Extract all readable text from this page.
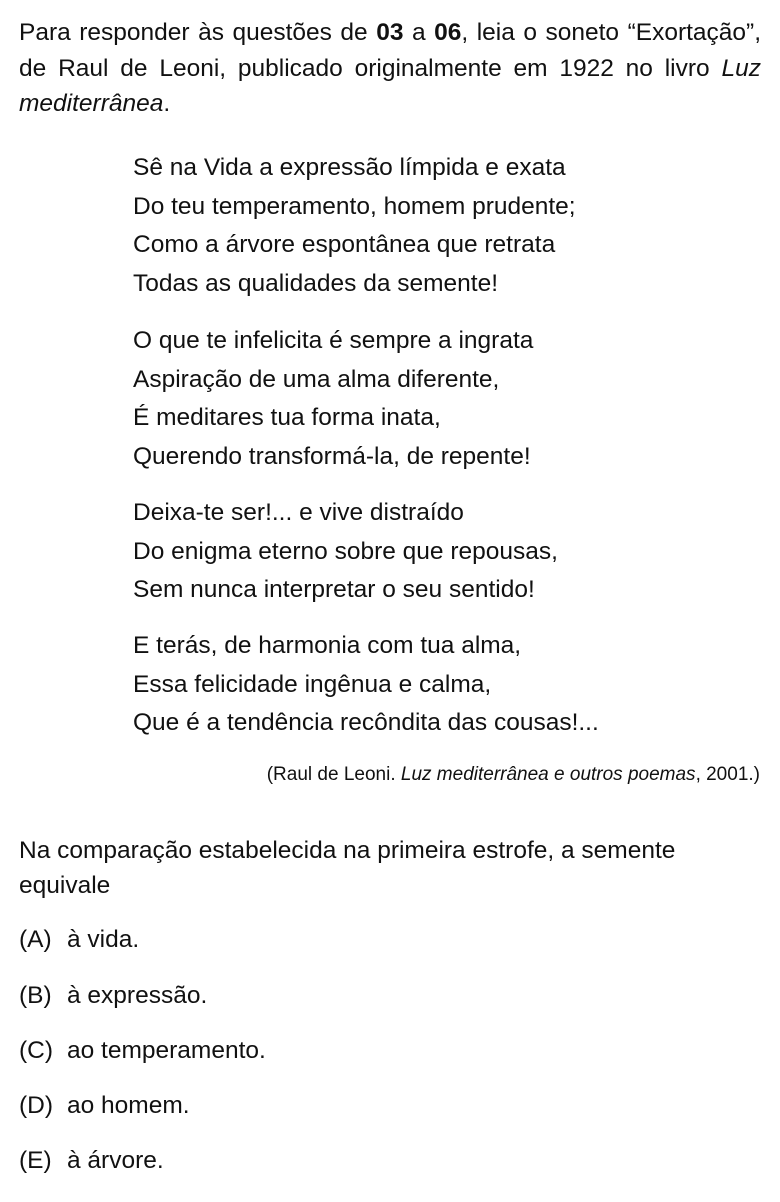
Para responder às questões de 03 a 06, leia o soneto “Exortação”, de Raul de Leoni, publicado originalmente em 1922 no livro Luz mediterrânea.

Sê na Vida a expressão límpida e exata
Do teu temperamento, homem prudente;
Como a árvore espontânea que retrata
Todas as qualidades da semente!
O que te infelicita é sempre a ingrata
Aspiração de uma alma diferente,
É meditares tua forma inata,
Querendo transformá-la, de repente!
Deixa-te ser!... e vive distraído
Do enigma eterno sobre que repousas,
Sem nunca interpretar o seu sentido!
E terás, de harmonia com tua alma,
Essa felicidade ingênua e calma,
Que é a tendência recôndita das cousas!...
(Raul de Leoni. Luz mediterrânea e outros poemas, 2001.)
Na comparação estabelecida na primeira estrofe, a semente equivale
(A) à vida.
(B) à expressão.
(C) ao temperamento.
(D) ao homem.
(E) à árvore.
